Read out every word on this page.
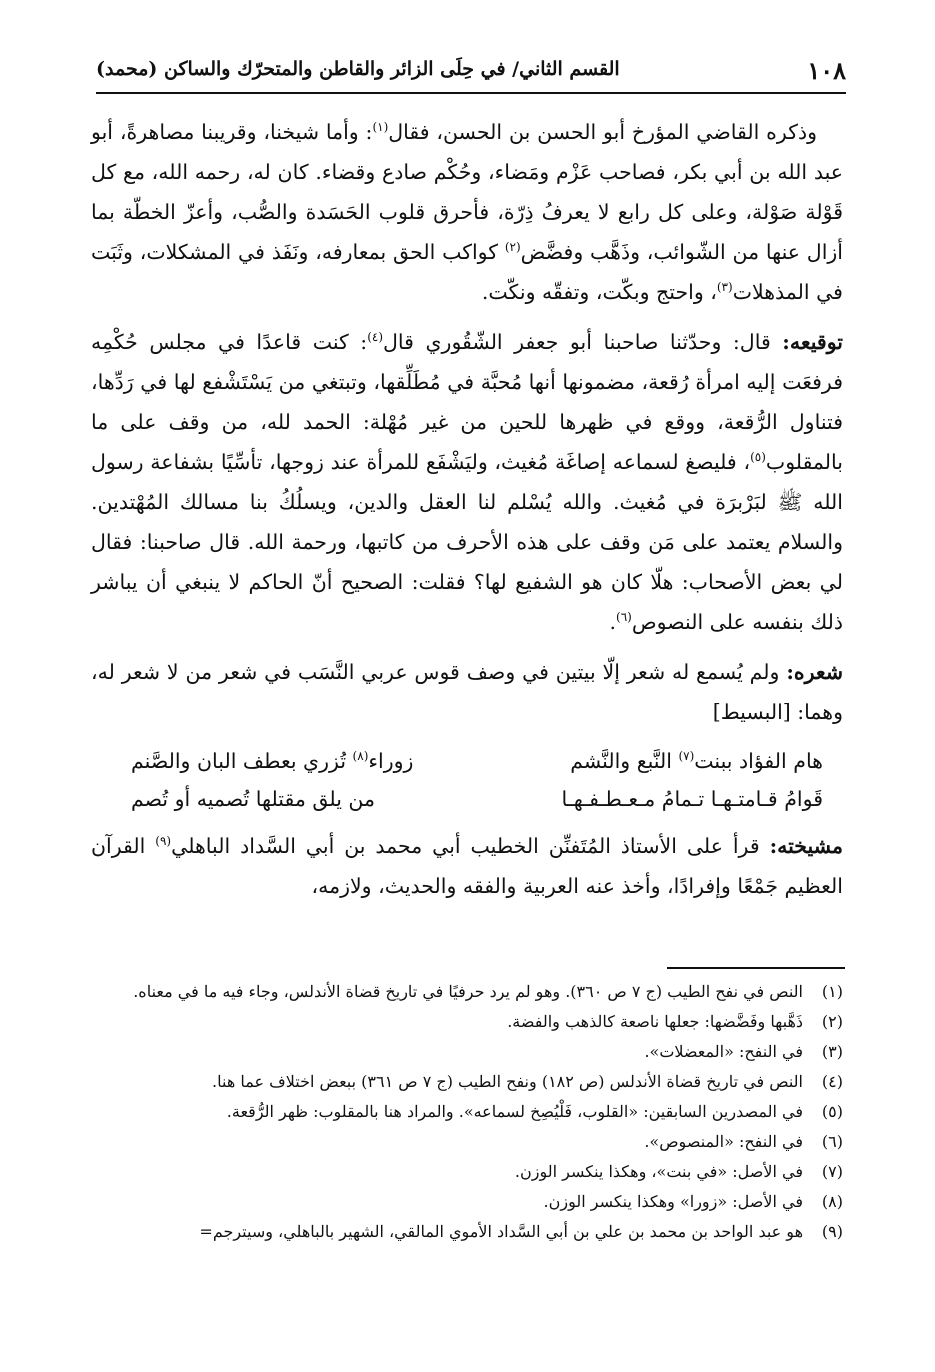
١٠٨
القسم الثاني/ في حِلَى الزائر والقاطن والمتحرّك والساكن (محمد)

وذكره القاضي المؤرخ أبو الحسن بن الحسن، فقال$^{(١)}$: وأما شيخنا، وقريبنا مصاهرةً، أبو عبد الله بن أبي بكر، فصاحب عَزْم ومَضاء، وحُكْم صادع وقضاء. كان له، رحمه الله، مع كل قَوْلة صَوْلة، وعلى كل رابع لا يعرفُ ذِرّة، فأحرق قلوب الحَسَدة والصُّب، وأعزّ الخطّة بما أزال عنها من الشّوائب، وذَهَّب وفضَّض$^{(٢)}$ كواكب الحق بمعارفه، ونَفَذ في المشكلات، وثَبَت في المذهلات$^{(٣)}$، واحتج وبكّت، وتفقّه ونكّت.

توقيعه: قال: وحدّثنا صاحبنا أبو جعفر الشّقُوري قال$^{(٤)}$: كنت قاعدًا في مجلس حُكْمِه فرفعَت إليه امرأة رُقعة، مضمونها أنها مُحبَّة في مُطَلِّقها، وتبتغي من يَسْتَشْفع لها في رَدِّها، فتناول الرُّقعة، ووقع في ظهرها للحين من غير مُهْلة: الحمد لله، من وقف على ما بالمقلوب$^{(٥)}$، فليصغ لسماعه إصاغَة مُغيث، وليَشْفَع للمرأة عند زوجها، تأسِّيًا بشفاعة رسول الله ﷺ لبَرْبرَة في مُغيث. والله يُسْلم لنا العقل والدين، ويسلُكُ بنا مسالك المُهْتدين. والسلام يعتمد على مَن وقف على هذه الأحرف من كاتبها، ورحمة الله. قال صاحبنا: فقال لي بعض الأصحاب: هلّا كان هو الشفيع لها؟ فقلت: الصحيح أنّ الحاكم لا ينبغي أن يباشر ذلك بنفسه على النصوص$^{(٦)}$.

شعره: ولم يُسمع له شعر إلّا بيتين في وصف قوس عربي النَّسَب في شعر من لا شعر له، وهما: [البسيط]

هام الفؤاد ببنت$^{(٧)}$ النَّبع والنَّشم
زوراء$^{(٨)}$ تُزري بعطف البان والصَّنم
قَوامُ قـامتـهـا تـمامُ مـعـطـفـهـا
من يلق مقتلها تُصميه أو تُصم

مشيخته: قرأ على الأستاذ المُتَفنِّن الخطيب أبي محمد بن أبي السَّداد الباهلي$^{(٩)}$ القرآن العظيم جَمْعًا وإفرادًا، وأخذ عنه العربية والفقه والحديث، ولازمه،

(١)
النص في نفح الطيب (ج ٧ ص ٣٦٠). وهو لم يرد حرفيًا في تاريخ قضاة الأندلس، وجاء فيه ما في معناه.
(٢)
ذَهَّبها وفَضَّضها: جعلها ناصعة كالذهب والفضة.
(٣)
في النفح: «المعضلات».
(٤)
النص في تاريخ قضاة الأندلس (ص ١٨٢) ونفح الطيب (ج ٧ ص ٣٦١) ببعض اختلاف عما هنا.
(٥)
في المصدرين السابقين: «القلوب، فَلْيُصِخ لسماعه». والمراد هنا بالمقلوب: ظهر الرُّقعة.
(٦)
في النفح: «المنصوص».
(٧)
في الأصل: «في بنت»، وهكذا ينكسر الوزن.
(٨)
في الأصل: «زورا» وهكذا ينكسر الوزن.
(٩)
هو عبد الواحد بن محمد بن علي بن أبي السَّداد الأموي المالقي، الشهير بالباهلي، وسيترجم=
